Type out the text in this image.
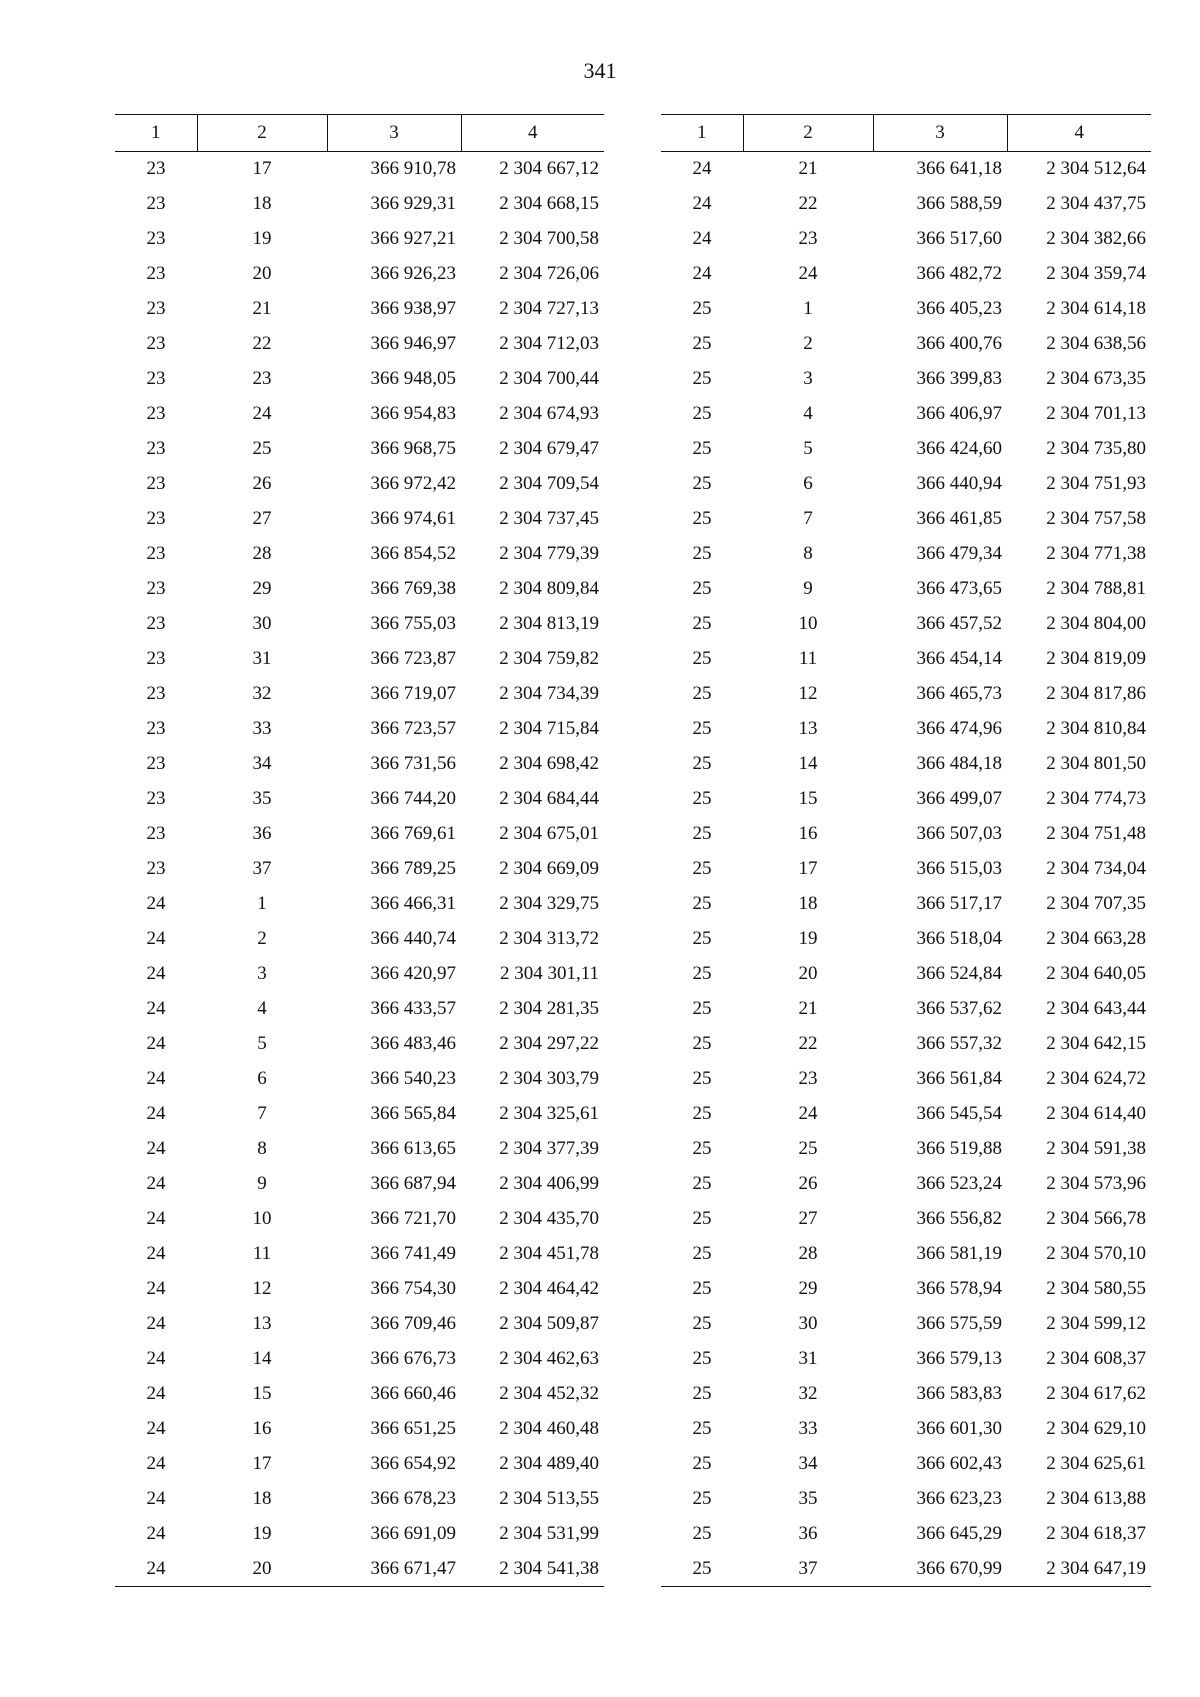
341
1	2	3	4
23	17	366 910,78	2 304 667,12
23	18	366 929,31	2 304 668,15
23	19	366 927,21	2 304 700,58
23	20	366 926,23	2 304 726,06
23	21	366 938,97	2 304 727,13
23	22	366 946,97	2 304 712,03
23	23	366 948,05	2 304 700,44
23	24	366 954,83	2 304 674,93
23	25	366 968,75	2 304 679,47
23	26	366 972,42	2 304 709,54
23	27	366 974,61	2 304 737,45
23	28	366 854,52	2 304 779,39
23	29	366 769,38	2 304 809,84
23	30	366 755,03	2 304 813,19
23	31	366 723,87	2 304 759,82
23	32	366 719,07	2 304 734,39
23	33	366 723,57	2 304 715,84
23	34	366 731,56	2 304 698,42
23	35	366 744,20	2 304 684,44
23	36	366 769,61	2 304 675,01
23	37	366 789,25	2 304 669,09
24	1	366 466,31	2 304 329,75
24	2	366 440,74	2 304 313,72
24	3	366 420,97	2 304 301,11
24	4	366 433,57	2 304 281,35
24	5	366 483,46	2 304 297,22
24	6	366 540,23	2 304 303,79
24	7	366 565,84	2 304 325,61
24	8	366 613,65	2 304 377,39
24	9	366 687,94	2 304 406,99
24	10	366 721,70	2 304 435,70
24	11	366 741,49	2 304 451,78
24	12	366 754,30	2 304 464,42
24	13	366 709,46	2 304 509,87
24	14	366 676,73	2 304 462,63
24	15	366 660,46	2 304 452,32
24	16	366 651,25	2 304 460,48
24	17	366 654,92	2 304 489,40
24	18	366 678,23	2 304 513,55
24	19	366 691,09	2 304 531,99
24	20	366 671,47	2 304 541,38
1	2	3	4
24	21	366 641,18	2 304 512,64
24	22	366 588,59	2 304 437,75
24	23	366 517,60	2 304 382,66
24	24	366 482,72	2 304 359,74
25	1	366 405,23	2 304 614,18
25	2	366 400,76	2 304 638,56
25	3	366 399,83	2 304 673,35
25	4	366 406,97	2 304 701,13
25	5	366 424,60	2 304 735,80
25	6	366 440,94	2 304 751,93
25	7	366 461,85	2 304 757,58
25	8	366 479,34	2 304 771,38
25	9	366 473,65	2 304 788,81
25	10	366 457,52	2 304 804,00
25	11	366 454,14	2 304 819,09
25	12	366 465,73	2 304 817,86
25	13	366 474,96	2 304 810,84
25	14	366 484,18	2 304 801,50
25	15	366 499,07	2 304 774,73
25	16	366 507,03	2 304 751,48
25	17	366 515,03	2 304 734,04
25	18	366 517,17	2 304 707,35
25	19	366 518,04	2 304 663,28
25	20	366 524,84	2 304 640,05
25	21	366 537,62	2 304 643,44
25	22	366 557,32	2 304 642,15
25	23	366 561,84	2 304 624,72
25	24	366 545,54	2 304 614,40
25	25	366 519,88	2 304 591,38
25	26	366 523,24	2 304 573,96
25	27	366 556,82	2 304 566,78
25	28	366 581,19	2 304 570,10
25	29	366 578,94	2 304 580,55
25	30	366 575,59	2 304 599,12
25	31	366 579,13	2 304 608,37
25	32	366 583,83	2 304 617,62
25	33	366 601,30	2 304 629,10
25	34	366 602,43	2 304 625,61
25	35	366 623,23	2 304 613,88
25	36	366 645,29	2 304 618,37
25	37	366 670,99	2 304 647,19
